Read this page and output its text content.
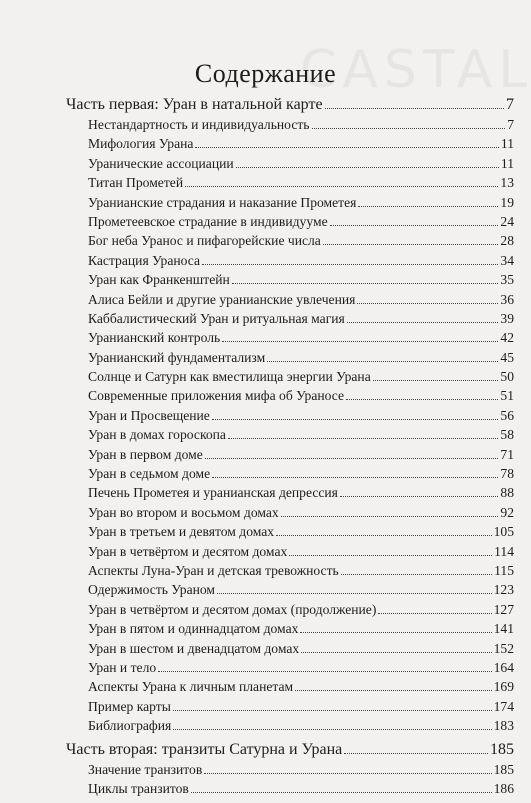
Содержание
Часть первая: Уран в натальной карте	7
Нестандартность и индивидуальность	7
Мифология Урана	11
Уранические ассоциации	11
Титан Прометей	13
Уранианские страдания и наказание Прометея	19
Прометеевское страдание в индивидууме	24
Бог неба Уранос и пифагорейские числа	28
Кастрация Ураноса	34
Уран как Франкенштейн	35
Алиса Бейли и другие уранианские увлечения	36
Каббалистический Уран и ритуальная магия	39
Уранианский контроль	42
Уранианский фундаментализм	45
Солнце и Сатурн как вместилища энергии Урана	50
Современные приложения мифа об Ураносе	51
Уран и Просвещение	56
Уран в домах гороскопа	58
Уран в первом доме	71
Уран в седьмом доме	78
Печень Прометея и уранианская депрессия	88
Уран во втором и восьмом домах	92
Уран в третьем и девятом домах	105
Уран в четвёртом и десятом домах	114
Аспекты Луна-Уран и детская тревожность	115
Одержимость Ураном	123
Уран в четвёртом и десятом домах (продолжение)	127
Уран в пятом и одиннадцатом домах	141
Уран в шестом и двенадцатом домах	152
Уран и тело	164
Аспекты Урана к личным планетам	169
Пример карты	174
Библиография	183
Часть вторая: транзиты Сатурна и Урана	185
Значение транзитов	185
Циклы транзитов	186
